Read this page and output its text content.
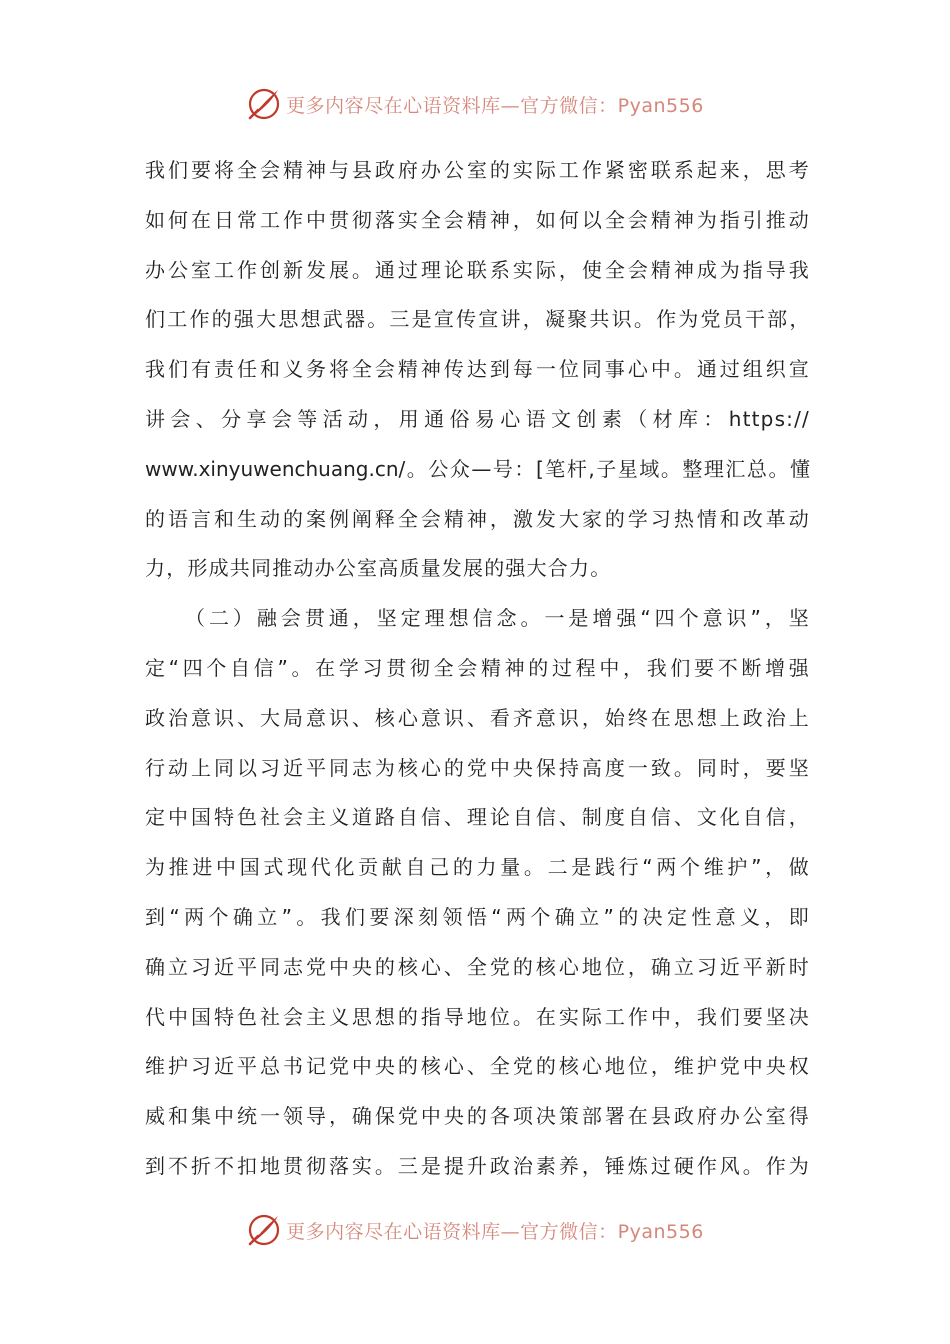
更多内容尽在心语资料库—官方微信：Pyan556
我们要将全会精神与县政府办公室的实际工作紧密联系起来，思考
如何在日常工作中贯彻落实全会精神，如何以全会精神为指引推动
办公室工作创新发展。通过理论联系实际，使全会精神成为指导我
们工作的强大思想武器。三是宣传宣讲，凝聚共识。作为党员干部，
我们有责任和义务将全会精神传达到每一位同事心中。通过组织宣
讲会、分享会等活动，用通俗易心语文创素（材库：https://
www.xinyuwenchuang.cn/。公众—号：[笔杆,子星域。整理汇总。懂
的语言和生动的案例阐释全会精神，激发大家的学习热情和改革动
力，形成共同推动办公室高质量发展的强大合力。
（二）融会贯通，坚定理想信念。一是增强“四个意识”，坚
定“四个自信”。在学习贯彻全会精神的过程中，我们要不断增强
政治意识、大局意识、核心意识、看齐意识，始终在思想上政治上
行动上同以习近平同志为核心的党中央保持高度一致。同时，要坚
定中国特色社会主义道路自信、理论自信、制度自信、文化自信，
为推进中国式现代化贡献自己的力量。二是践行“两个维护”，做
到“两个确立”。我们要深刻领悟“两个确立”的决定性意义，即
确立习近平同志党中央的核心、全党的核心地位，确立习近平新时
代中国特色社会主义思想的指导地位。在实际工作中，我们要坚决
维护习近平总书记党中央的核心、全党的核心地位，维护党中央权
威和集中统一领导，确保党中央的各项决策部署在县政府办公室得
到不折不扣地贯彻落实。三是提升政治素养，锤炼过硬作风。作为
更多内容尽在心语资料库—官方微信：Pyan556
